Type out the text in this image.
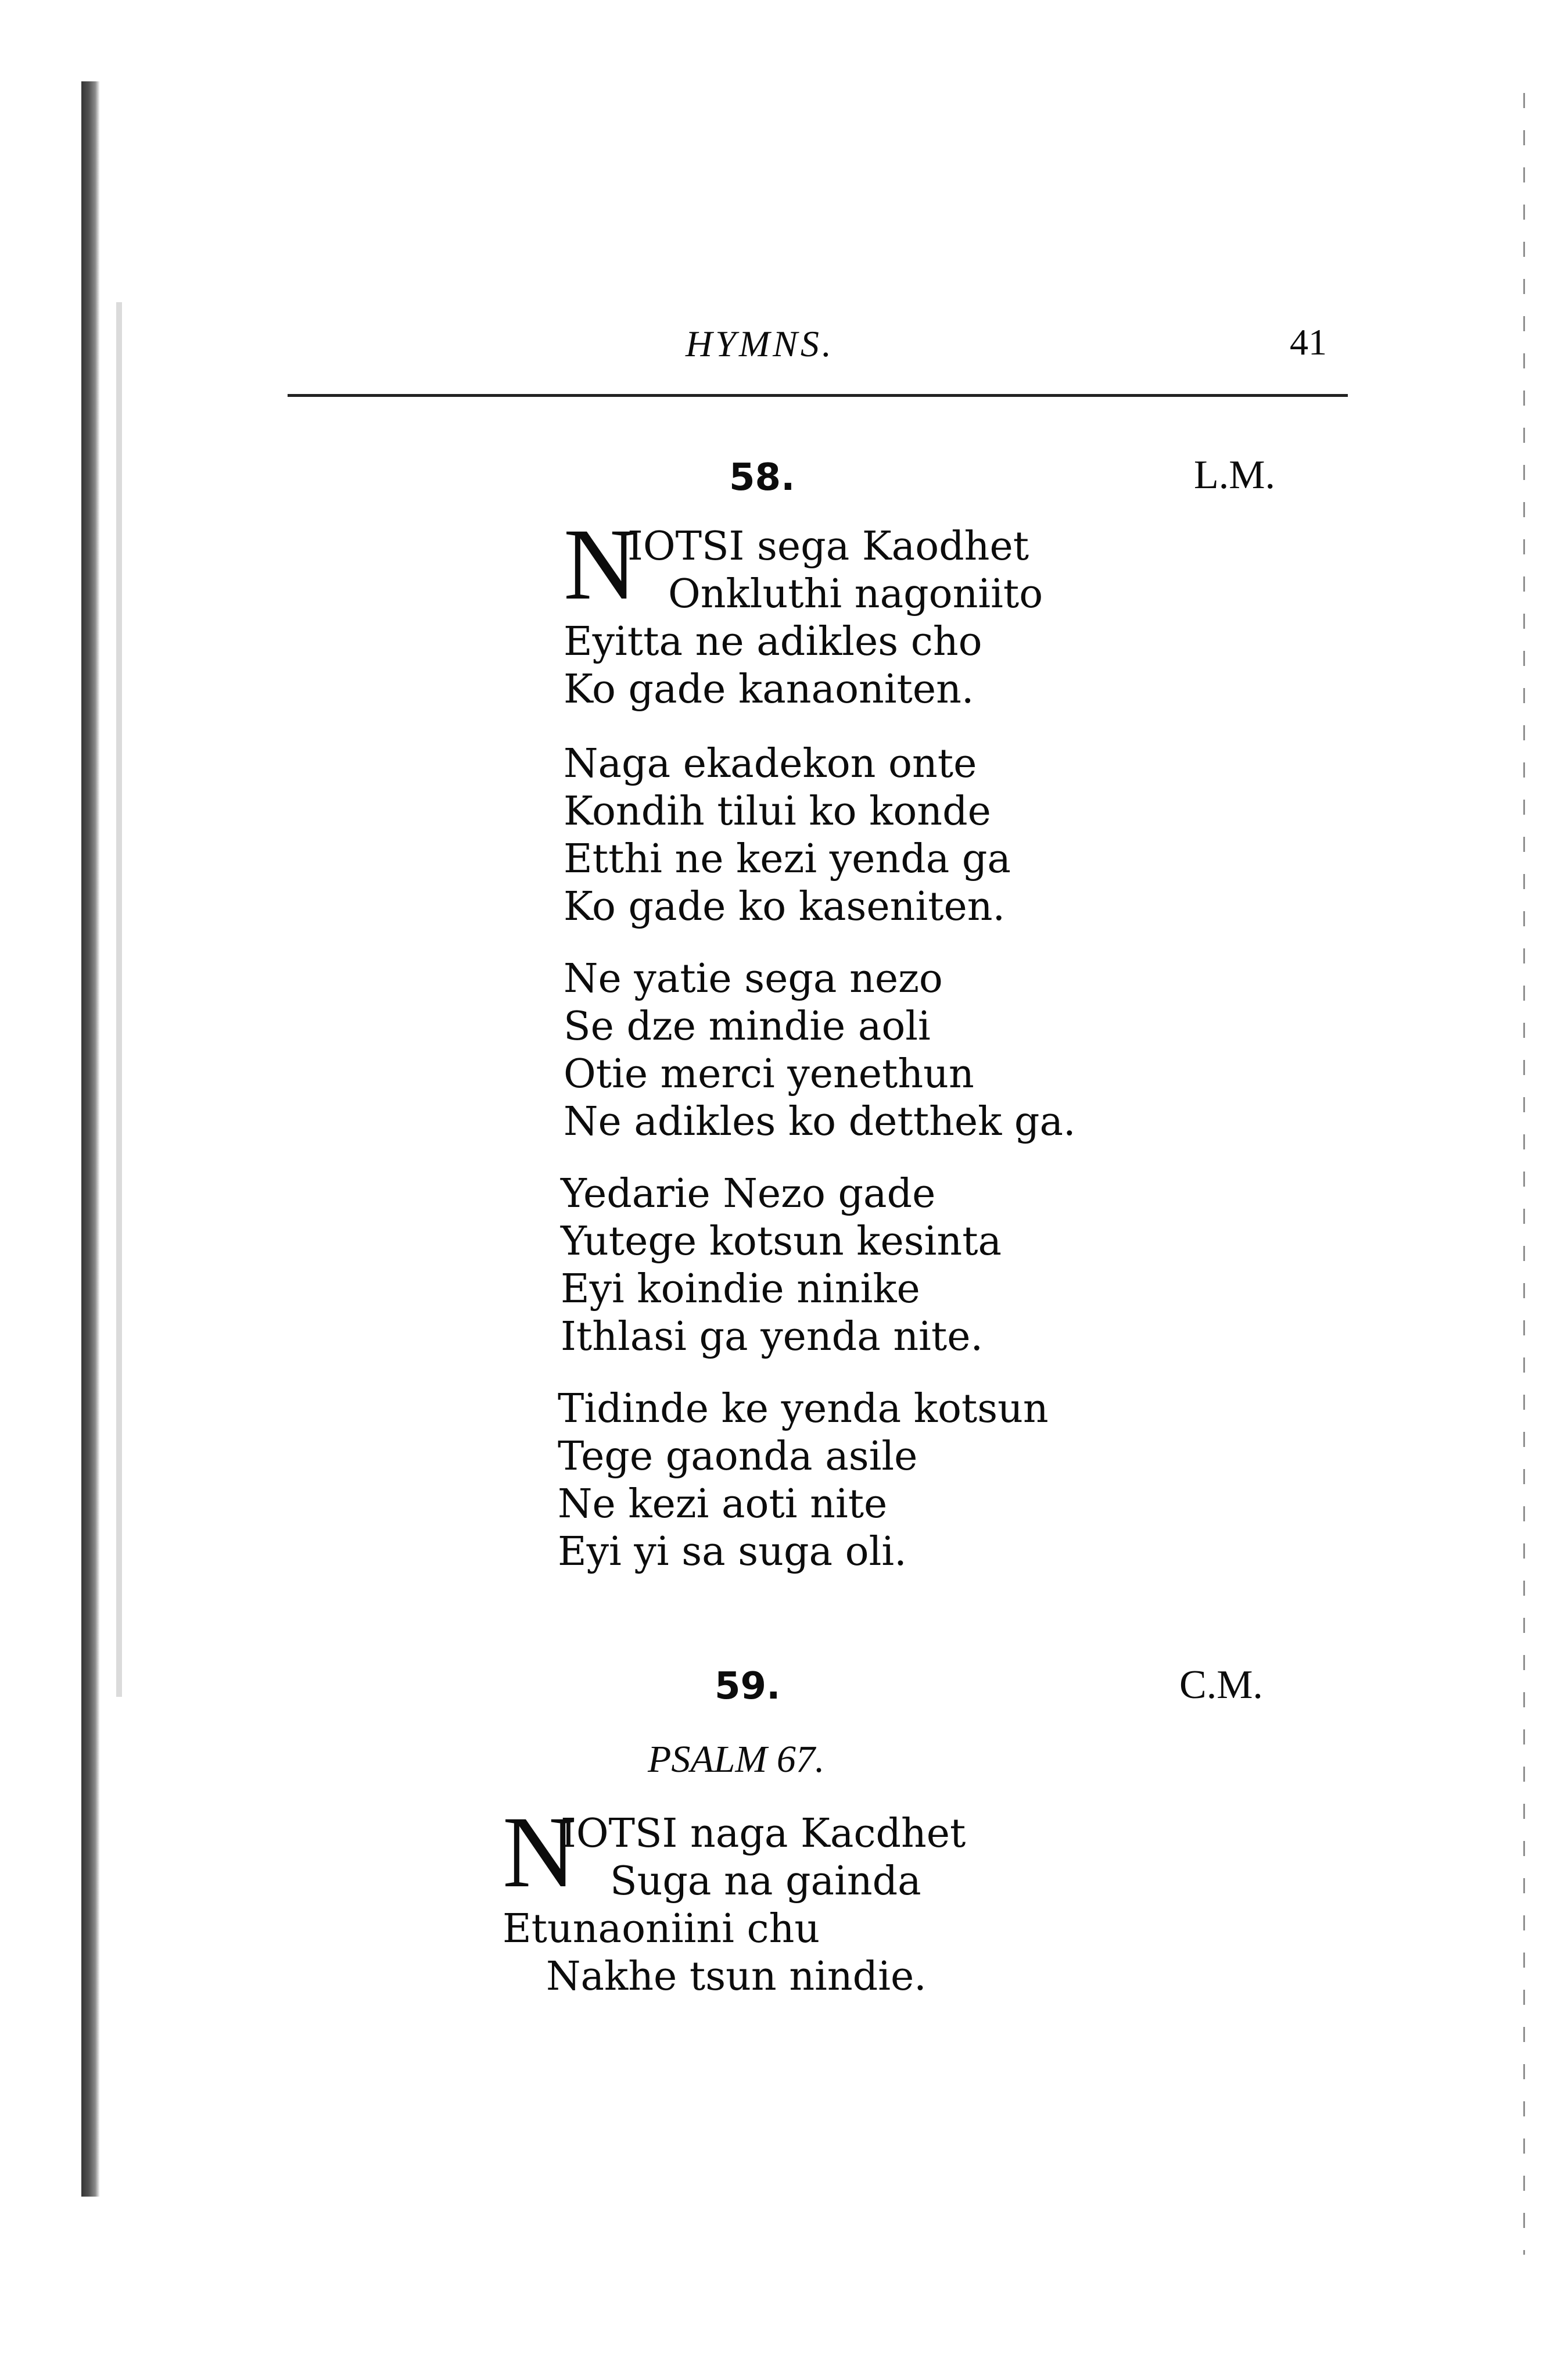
HYMNS.	41
58.	L.M.
N
IOTSI sega Kaodhet
Onkluthi nagoniito
Eyitta ne adikles cho
Ko gade kanaoniten.
Naga ekadekon onte
Kondih tilui ko konde
Etthi ne kezi yenda ga
Ko gade ko kaseniten.
Ne yatie sega nezo
Se dze mindie aoli
Otie merci yenethun
Ne adikles ko detthek ga.
Yedarie Nezo gade
Yutege kotsun kesinta
Eyi koindie ninike
Ithlasi ga yenda nite.
Tidinde ke yenda kotsun
Tege gaonda asile
Ne kezi aoti nite
Eyi yi sa suga oli.
59.	C.M.
PSALM 67.
N
IOTSI naga Kacdhet
Suga na gainda
Etunaoniini chu
Nakhe tsun nindie.
